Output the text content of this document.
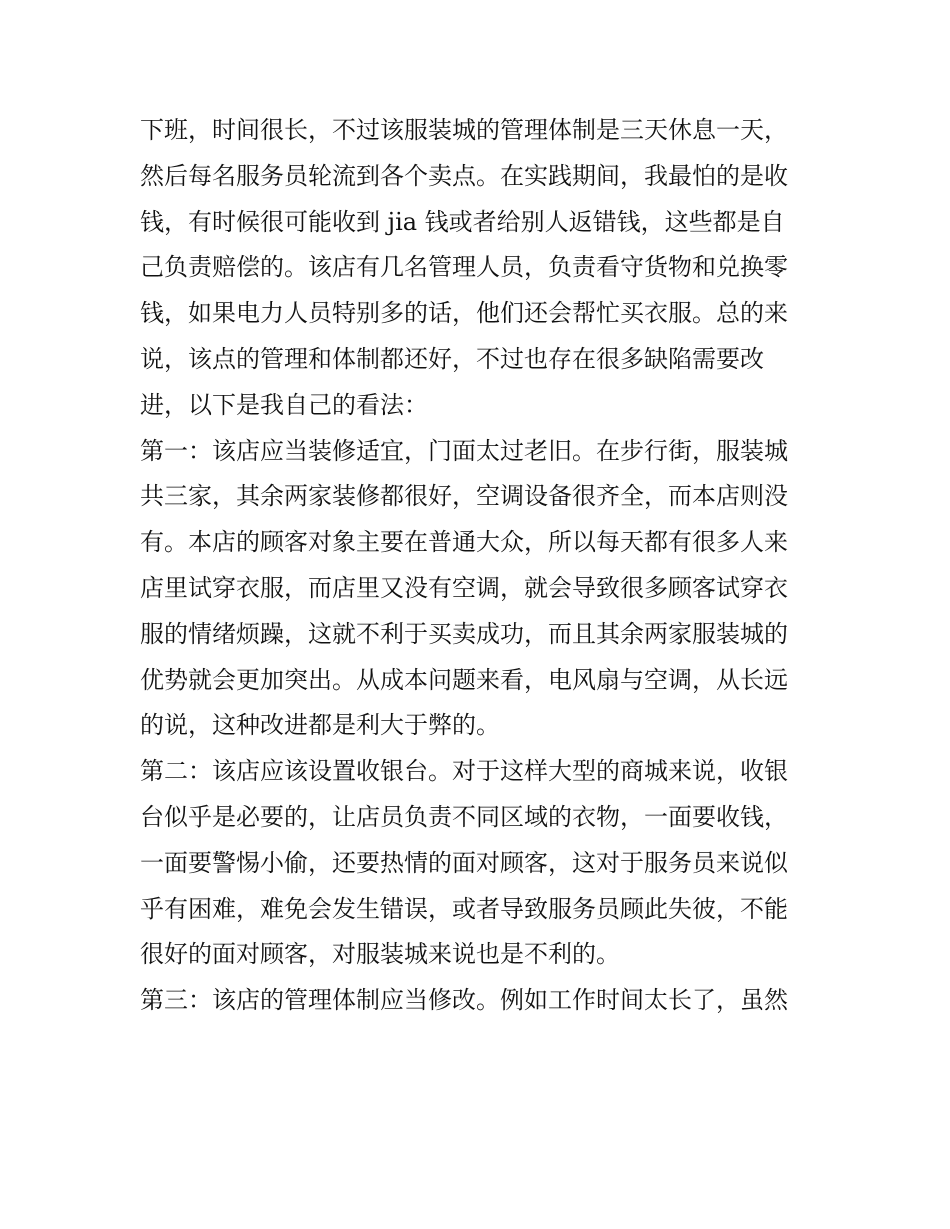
下班，时间很长，不过该服装城的管理体制是三天休息一天，
然后每名服务员轮流到各个卖点。在实践期间，我最怕的是收
钱，有时候很可能收到 jia 钱或者给别人返错钱，这些都是自
己负责赔偿的。该店有几名管理人员，负责看守货物和兑换零
钱，如果电力人员特别多的话，他们还会帮忙买衣服。总的来
说，该点的管理和体制都还好，不过也存在很多缺陷需要改
进，以下是我自己的看法：
第一：该店应当装修适宜，门面太过老旧。在步行街，服装城
共三家，其余两家装修都很好，空调设备很齐全，而本店则没
有。本店的顾客对象主要在普通大众，所以每天都有很多人来
店里试穿衣服，而店里又没有空调，就会导致很多顾客试穿衣
服的情绪烦躁，这就不利于买卖成功，而且其余两家服装城的
优势就会更加突出。从成本问题来看，电风扇与空调，从长远
的说，这种改进都是利大于弊的。
第二：该店应该设置收银台。对于这样大型的商城来说，收银
台似乎是必要的，让店员负责不同区域的衣物，一面要收钱，
一面要警惕小偷，还要热情的面对顾客，这对于服务员来说似
乎有困难，难免会发生错误，或者导致服务员顾此失彼，不能
很好的面对顾客，对服装城来说也是不利的。
第三：该店的管理体制应当修改。例如工作时间太长了，虽然
